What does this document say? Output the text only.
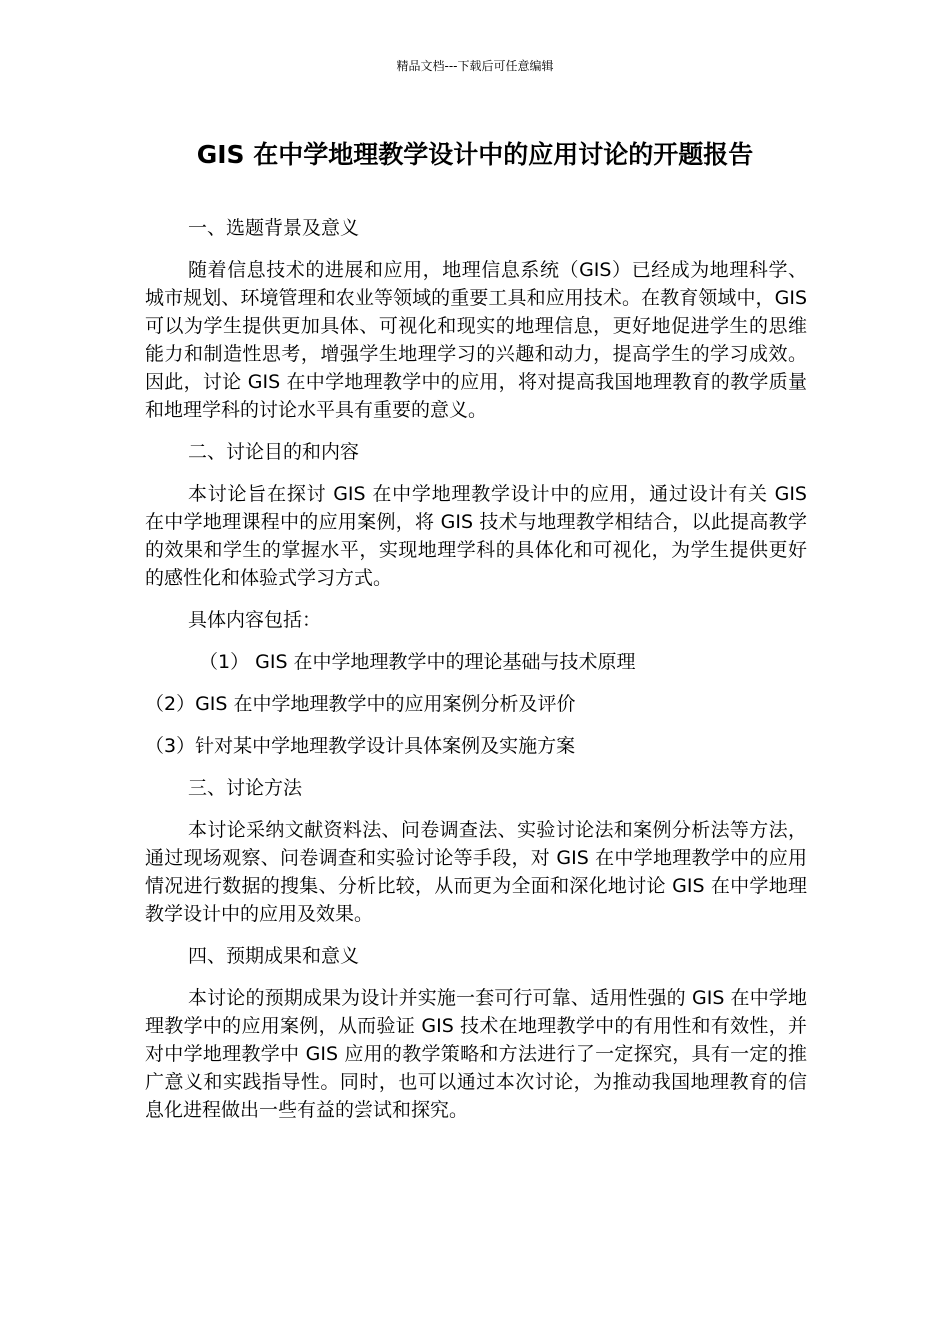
精品文档---下载后可任意编辑
GIS 在中学地理教学设计中的应用讨论的开题报告

一、选题背景及意义

随着信息技术的进展和应用，地理信息系统（GIS）已经成为地理科学、城市规划、环境管理和农业等领域的重要工具和应用技术。在教育领域中，GIS 可以为学生提供更加具体、可视化和现实的地理信息，更好地促进学生的思维能力和制造性思考，增强学生地理学习的兴趣和动力，提高学生的学习成效。因此，讨论 GIS 在中学地理教学中的应用，将对提高我国地理教育的教学质量和地理学科的讨论水平具有重要的意义。

二、讨论目的和内容

本讨论旨在探讨 GIS 在中学地理教学设计中的应用，通过设计有关 GIS 在中学地理课程中的应用案例，将 GIS 技术与地理教学相结合，以此提高教学的效果和学生的掌握水平，实现地理学科的具体化和可视化，为学生提供更好的感性化和体验式学习方式。

具体内容包括：

（1） GIS 在中学地理教学中的理论基础与技术原理

（2）GIS 在中学地理教学中的应用案例分析及评价

（3）针对某中学地理教学设计具体案例及实施方案

三、讨论方法

本讨论采纳文献资料法、问卷调查法、实验讨论法和案例分析法等方法，通过现场观察、问卷调查和实验讨论等手段，对 GIS 在中学地理教学中的应用情况进行数据的搜集、分析比较，从而更为全面和深化地讨论 GIS 在中学地理教学设计中的应用及效果。

四、预期成果和意义

本讨论的预期成果为设计并实施一套可行可靠、适用性强的 GIS 在中学地理教学中的应用案例，从而验证 GIS 技术在地理教学中的有用性和有效性，并对中学地理教学中 GIS 应用的教学策略和方法进行了一定探究，具有一定的推广意义和实践指导性。同时，也可以通过本次讨论，为推动我国地理教育的信息化进程做出一些有益的尝试和探究。
